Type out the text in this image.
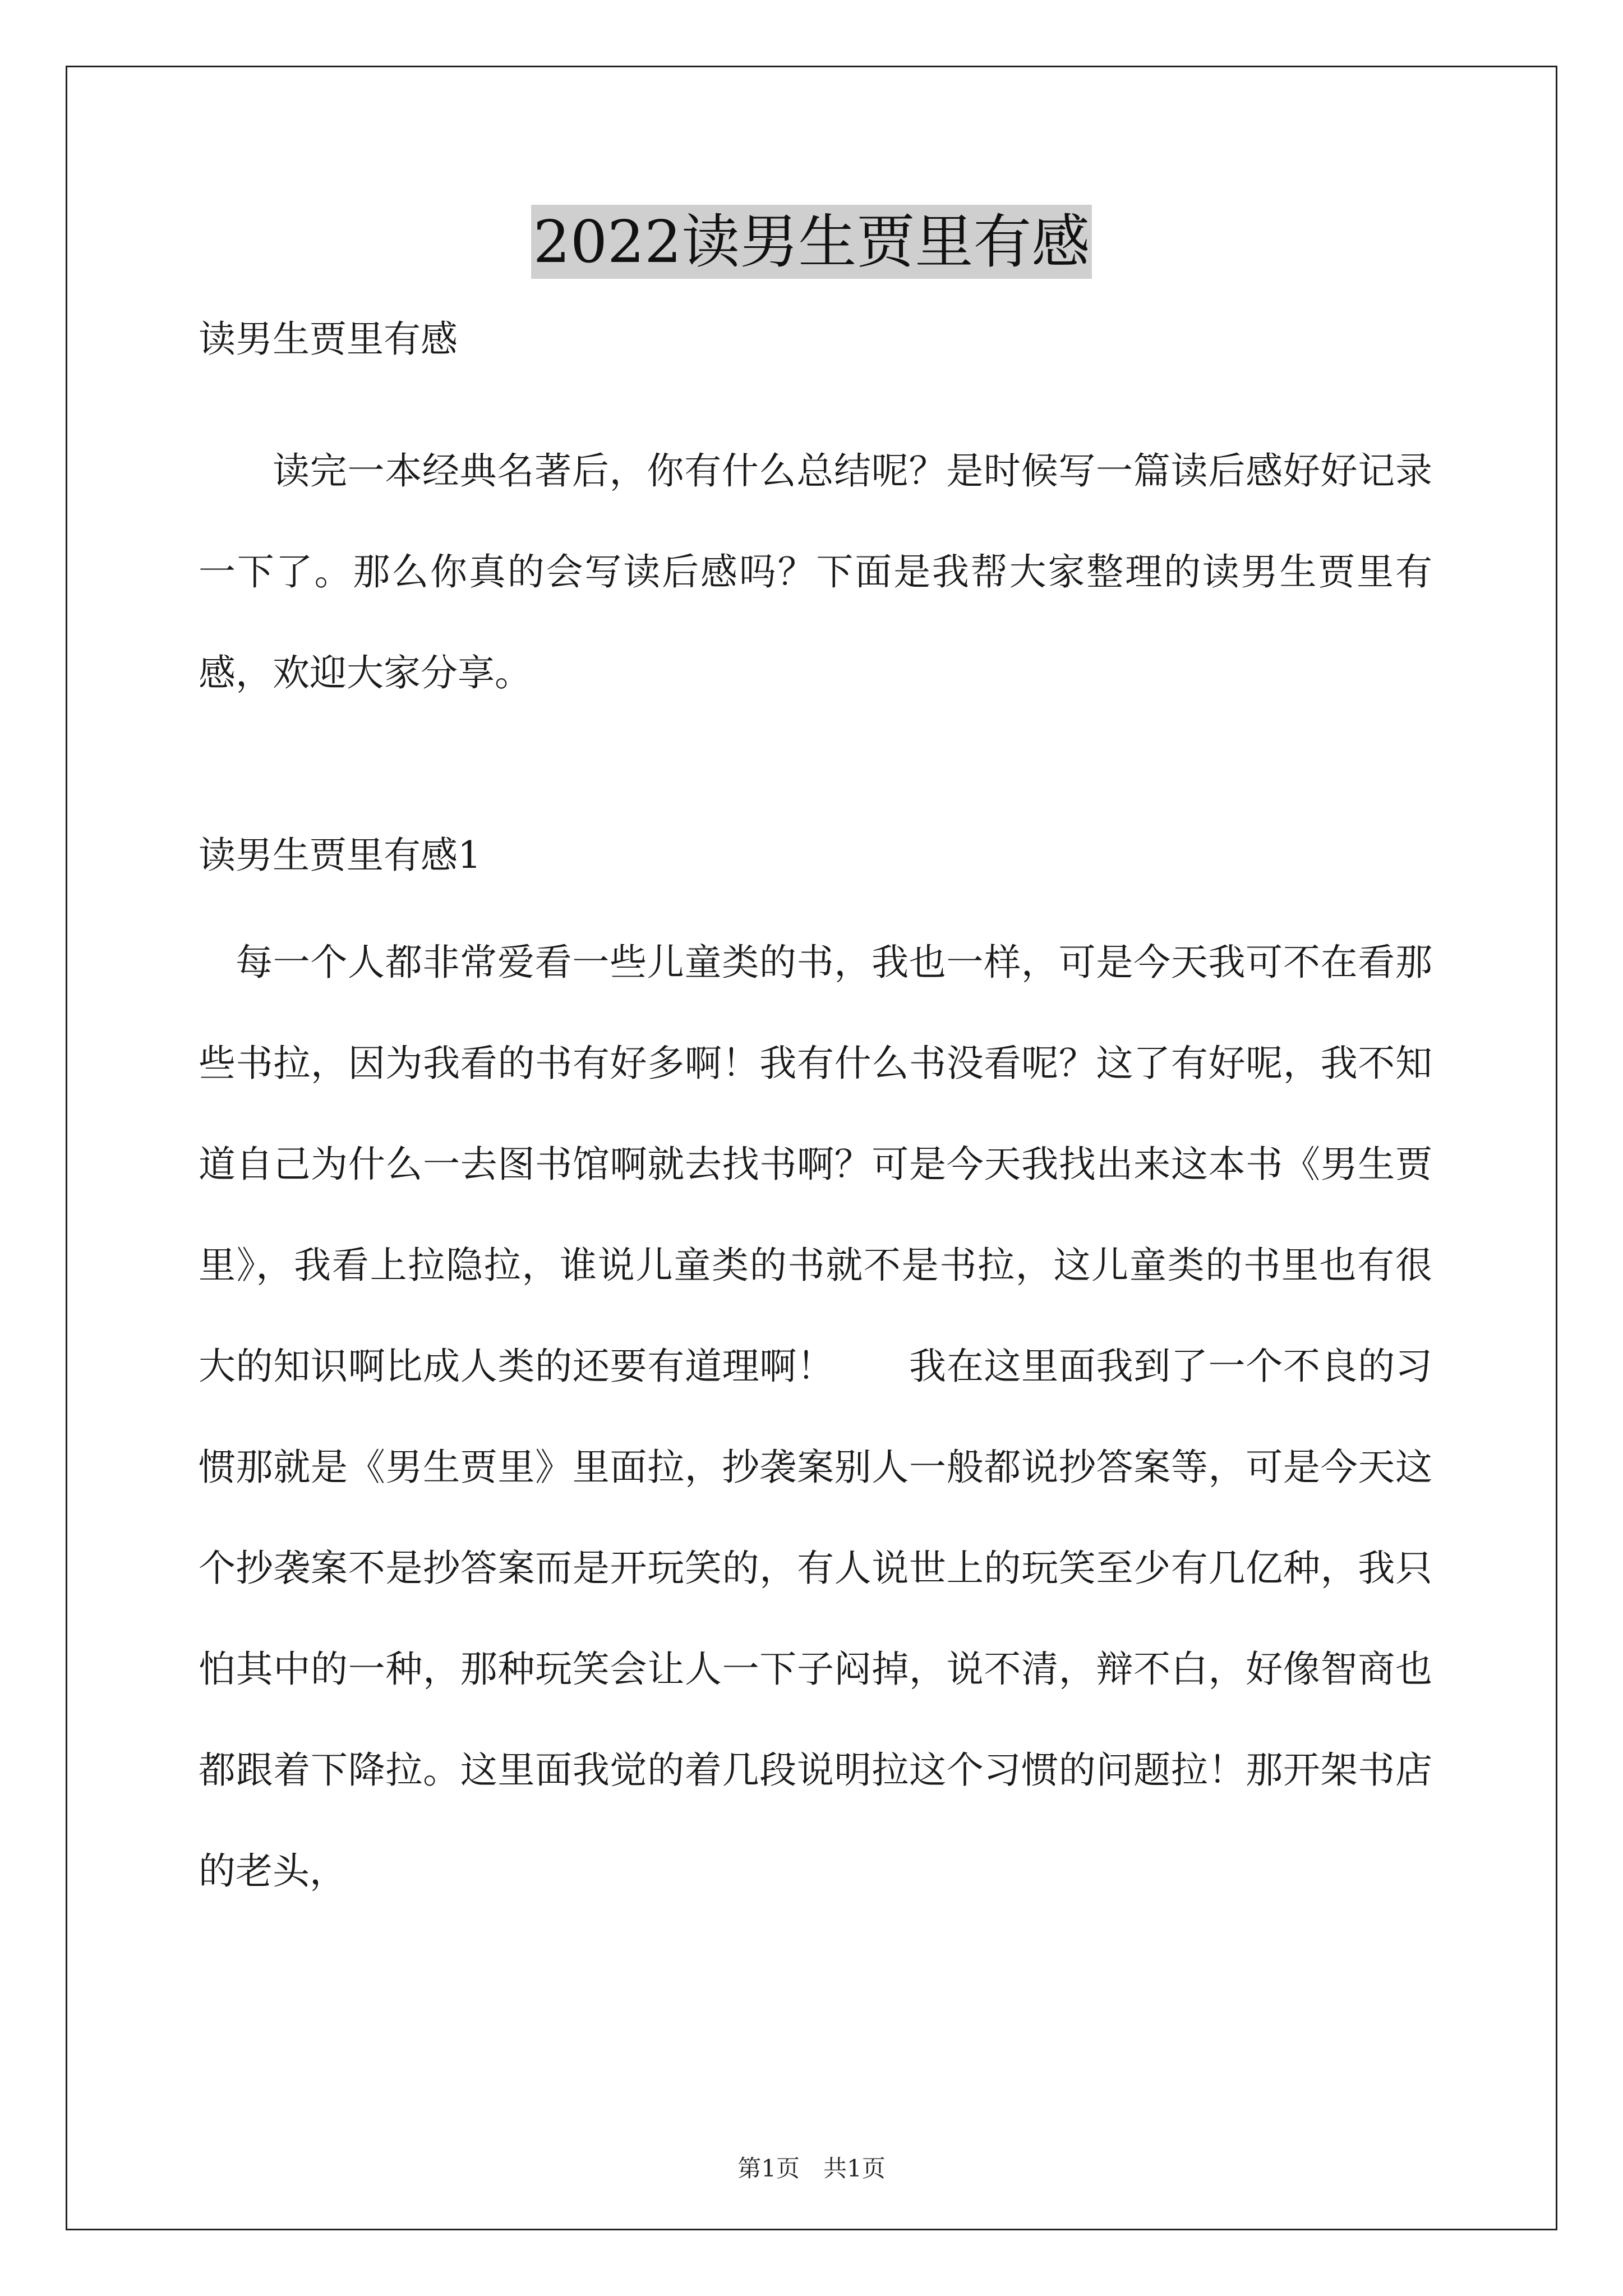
2022读男生贾里有感

读男生贾里有感

读完一本经典名著后，你有什么总结呢？是时候写一篇读后感好好记录一下了。那么你真的会写读后感吗？下面是我帮大家整理的读男生贾里有感，欢迎大家分享。

读男生贾里有感1

每一个人都非常爱看一些儿童类的书，我也一样，可是今天我可不在看那些书拉，因为我看的书有好多啊！我有什么书没看呢？这了有好呢，我不知道自己为什么一去图书馆啊就去找书啊？可是今天我找出来这本书《男生贾里》，我看上拉隐拉，谁说儿童类的书就不是书拉，这儿童类的书里也有很大的知识啊比成人类的还要有道理啊！　　我在这里面我到了一个不良的习惯那就是《男生贾里》里面拉，抄袭案别人一般都说抄答案等，可是今天这个抄袭案不是抄答案而是开玩笑的，有人说世上的玩笑至少有几亿种，我只怕其中的一种，那种玩笑会让人一下子闷掉，说不清，辩不白，好像智商也都跟着下降拉。这里面我觉的着几段说明拉这个习惯的问题拉！那开架书店的老头，

第1页　共1页
